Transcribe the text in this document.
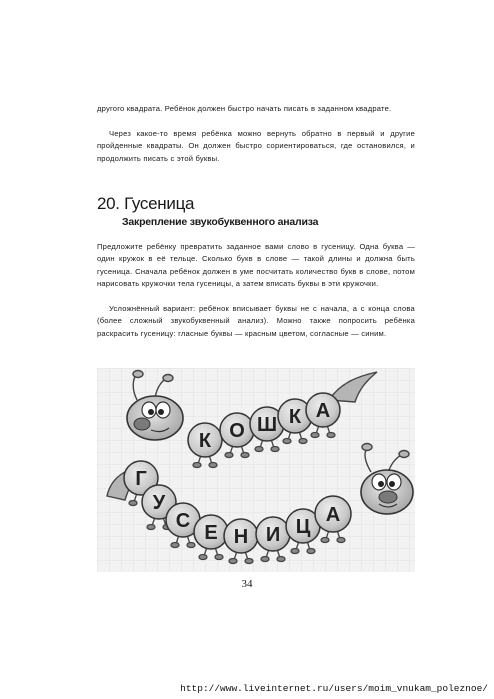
другого квадрата. Ребёнок должен быстро начать писать в заданном квадрате.

Через какое-то время ребёнка можно вернуть обратно в первый и другие пройденные квадраты. Он должен быстро сориентироваться, где остановился, и продолжить писать с этой буквы.

20. Гусеница
Закрепление звукобуквенного анализа

Предложите ребёнку превратить заданное вами слово в гусеницу. Одна буква — один кружок в её тельце. Сколько букв в слове — такой длины и должна быть гусеница. Сначала ребёнок должен в уме посчитать количество букв в слове, потом нарисовать кружочки тела гусеницы, а затем вписать буквы в эти кружочки.

Усложнённый вариант: ребёнок вписывает буквы не с начала, а с конца слова (более сложный звукобуквенный анализ). Можно также попросить ребёнка раскрасить гусеницу: гласные буквы — красным цветом, согласные — синим.

К О Ш К А
Г
У
С
Е Н И Ц
А
34
http://www.liveinternet.ru/users/moim_vnukam_poleznoe/
